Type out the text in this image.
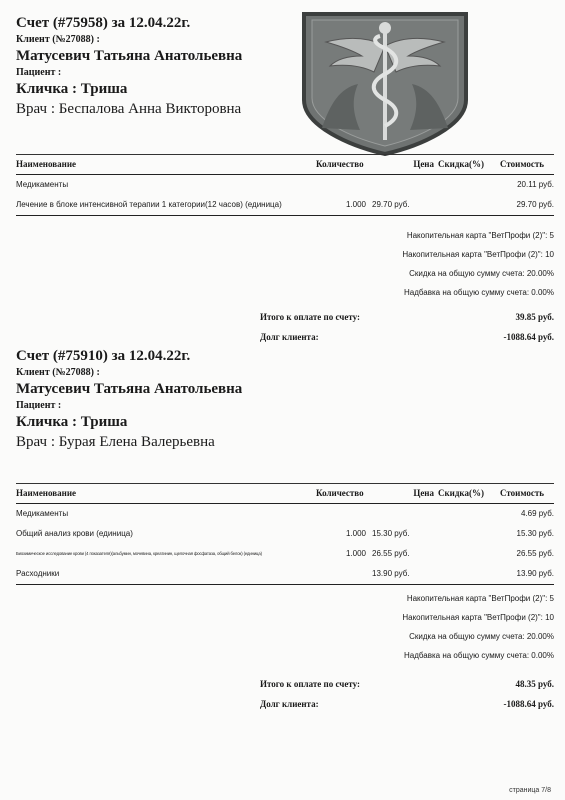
Счет (#75958) за 12.04.22г.
Клиент (№27088) :
Матусевич Татьяна Анатольевна
Пациент :
Кличка : Триша
Врач : Беспалова Анна Викторовна
Наименование	Количество	Цена	Скидка(%)	Стоимость
Медикаменты				20.11 руб.
Лечение в блоке интенсивной терапии 1 категории(12 часов) (единица)	1.000	29.70 руб.		29.70 руб.
Накопительная карта "ВетПрофи (2)": 5
Накопительная карта "ВетПрофи (2)": 10
Скидка на общую сумму счета: 20.00%
Надбавка на общую сумму счета: 0.00%
Итого к оплате по счету:	39.85 руб.
Долг клиента:	-1088.64 руб.
Счет (#75910) за 12.04.22г.
Клиент (№27088) :
Матусевич Татьяна Анатольевна
Пациент :
Кличка : Триша
Врач : Бурая Елена Валерьевна
Наименование	Количество	Цена	Скидка(%)	Стоимость
Медикаменты				4.69 руб.
Общий анализ крови (единица)	1.000	15.30 руб.		15.30 руб.
Биохимическое исследование крови (4 показателя)(альбумин, мочевина, креатинин, щелочная фосфатаза, общий белок) (единица)	1.000	26.55 руб.		26.55 руб.
Расходники		13.90 руб.		13.90 руб.
Накопительная карта "ВетПрофи (2)": 5
Накопительная карта "ВетПрофи (2)": 10
Скидка на общую сумму счета: 20.00%
Надбавка на общую сумму счета: 0.00%
Итого к оплате по счету:	48.35 руб.
Долг клиента:	-1088.64 руб.
страница 7/8
